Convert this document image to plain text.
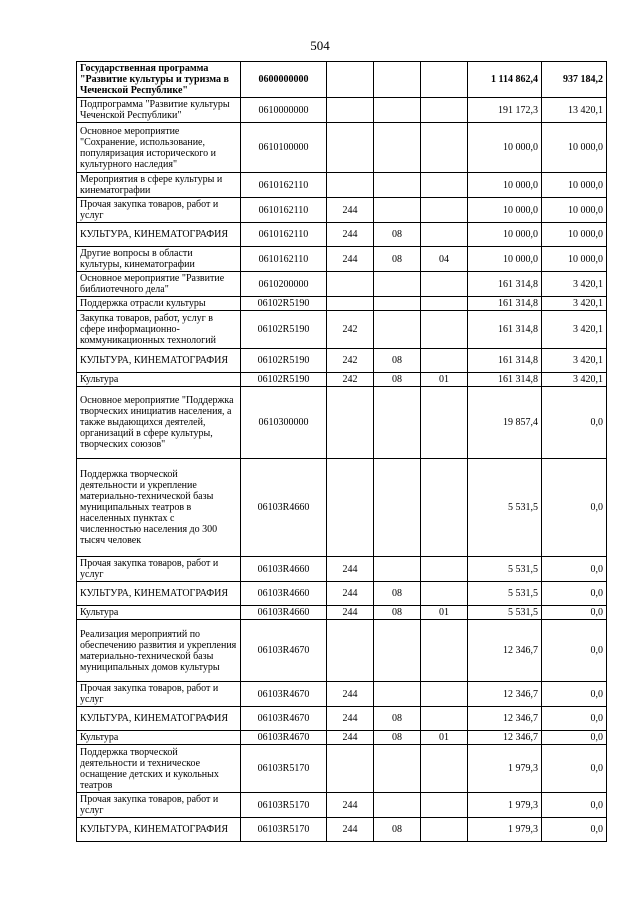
504
Государственная программа "Развитие культуры и туризма в Чеченской Республике"	0600000000				1 114 862,4	937 184,2
Подпрограмма "Развитие культуры Чеченской Республики"	0610000000				191 172,3	13 420,1
Основное мероприятие "Сохранение, использование, популяризация исторического и культурного наследия"	0610100000				10 000,0	10 000,0
Мероприятия в сфере культуры и кинематографии	0610162110				10 000,0	10 000,0
Прочая закупка товаров, работ и услуг	0610162110	244			10 000,0	10 000,0
КУЛЬТУРА, КИНЕМАТОГРАФИЯ	0610162110	244	08		10 000,0	10 000,0
Другие вопросы в области культуры, кинематографии	0610162110	244	08	04	10 000,0	10 000,0
Основное мероприятие "Развитие библиотечного дела"	0610200000				161 314,8	3 420,1
Поддержка отрасли культуры	06102R5190				161 314,8	3 420,1
Закупка товаров, работ, услуг в сфере информационно-коммуникационных технологий	06102R5190	242			161 314,8	3 420,1
КУЛЬТУРА, КИНЕМАТОГРАФИЯ	06102R5190	242	08		161 314,8	3 420,1
Культура	06102R5190	242	08	01	161 314,8	3 420,1
Основное мероприятие "Поддержка творческих инициатив населения, а также выдающихся деятелей, организаций в сфере культуры, творческих союзов"	0610300000				19 857,4	0,0
Поддержка творческой деятельности и укрепление материально-технической базы муниципальных театров в населенных пунктах с численностью населения до 300 тысяч человек	06103R4660				5 531,5	0,0
Прочая закупка товаров, работ и услуг	06103R4660	244			5 531,5	0,0
КУЛЬТУРА, КИНЕМАТОГРАФИЯ	06103R4660	244	08		5 531,5	0,0
Культура	06103R4660	244	08	01	5 531,5	0,0
Реализация мероприятий по обеспечению развития и укрепления материально-технической базы муниципальных домов культуры	06103R4670				12 346,7	0,0
Прочая закупка товаров, работ и услуг	06103R4670	244			12 346,7	0,0
КУЛЬТУРА, КИНЕМАТОГРАФИЯ	06103R4670	244	08		12 346,7	0,0
Культура	06103R4670	244	08	01	12 346,7	0,0
Поддержка творческой деятельности и техническое оснащение детских и кукольных театров	06103R5170				1 979,3	0,0
Прочая закупка товаров, работ и услуг	06103R5170	244			1 979,3	0,0
КУЛЬТУРА, КИНЕМАТОГРАФИЯ	06103R5170	244	08		1 979,3	0,0
